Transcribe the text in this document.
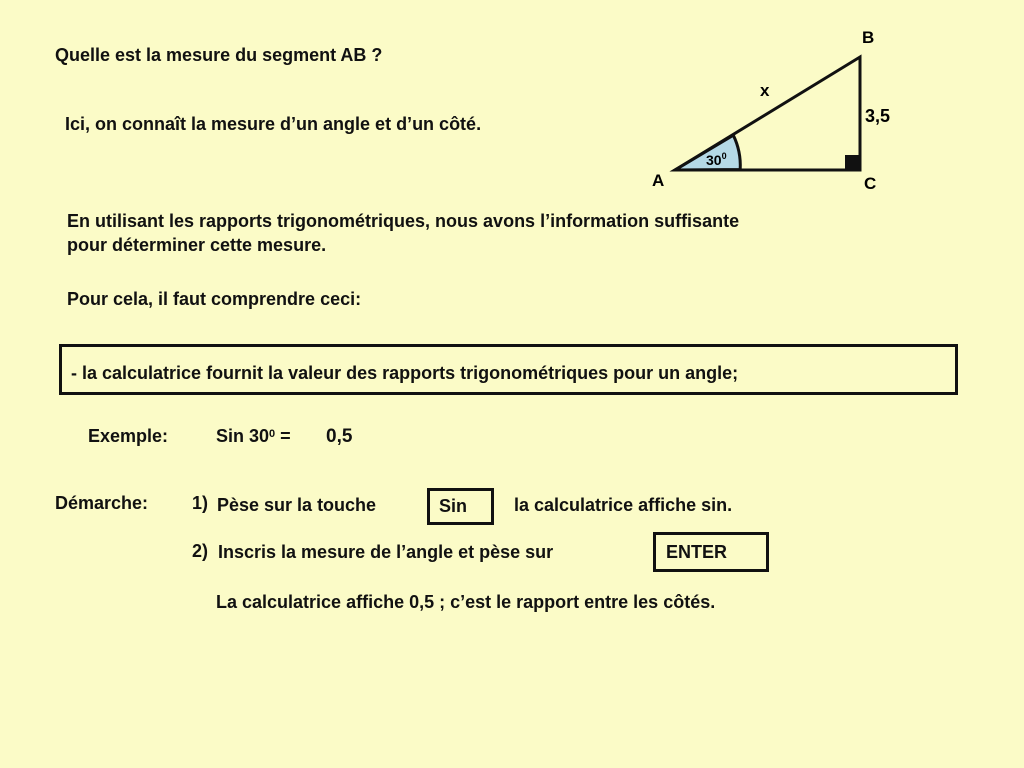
Quelle est la mesure du segment AB ?
Ici, on connaît la mesure d’un angle et d’un côté.
B
A	C
x
3,5
$30^0$
En utilisant les rapports trigonométriques, nous avons l’information suffisante
pour déterminer cette mesure.
Pour cela, il faut comprendre ceci:
- la calculatrice fournit la valeur des rapports trigonométriques pour un angle;
Exemple:	Sin $30^0 = 0,5$
Démarche: 1) Pèse sur la touche	Sin	la calculatrice affiche sin.
2) Inscris la mesure de l’angle et pèse sur	ENTER
La calculatrice affiche 0,5 ; c’est le rapport entre les côtés.
